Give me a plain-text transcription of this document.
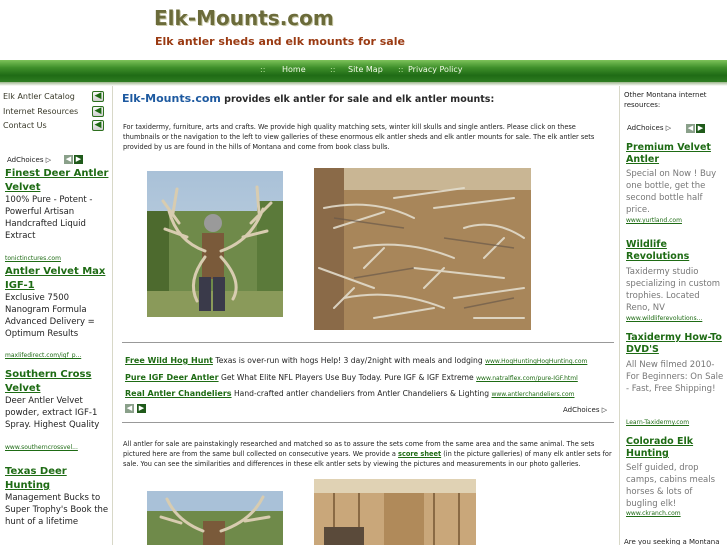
Elk-Mounts.com
Elk antler sheds and elk mounts for sale
:: Home	:: Site Map :: Privacy Policy
Elk Antler Catalog ◀
Internet Resources ◀
Contact Us	◀
AdChoices ▷ ◀ ▶
Finest Deer Antler Velvet
100% Pure - Potent - Powerful Artisan Handcrafted Liquid Extract
tonictinctures.com
Antler Velvet Max IGF-1
Exclusive 7500 Nanogram Formula Advanced Delivery = Optimum Results
maxlifedirect.com/igf_p...
Southern Cross Velvet
Deer Antler Velvet powder, extract IGF-1 Spray. Highest Quality
www.southerncrossvel...
Texas Deer Hunting
Management Bucks to Super Trophy's Book the hunt of a lifetime
Elk-Mounts.com provides elk antler for sale and elk antler mounts:
For taxidermy, furniture, arts and crafts. We provide high quality matching sets, winter kill skulls and single antlers. Please click on these thumbnails or the navigation to the left to view galleries of these enormous elk antler sheds and elk antler mounts for sale. The elk antler sets provided by us are found in the hills of Montana and come from book class bulls.
Free Wild Hog Hunt Texas is over-run with hogs Help! 3 day/2night with meals and lodging www.HogHuntingHogHunting.com
Pure IGF Deer Antler Get What Elite NFL Players Use Buy Today. Pure IGF & IGF Extreme www.natralflex.com/pure-IGF.html
Real Antler Chandeliers Hand-crafted antler chandeliers from Antler Chandeliers & Lighting www.antlerchandeliers.com
◀ ▶	AdChoices ▷
All antler for sale are painstakingly researched and matched so as to assure the sets come from the same area and the same animal. The sets pictured here are from the same bull collected on consecutive years. We provide a score sheet (in the picture galleries) of many elk antler sets for sale. You can see the similarities and differences in these elk antler sets by viewing the pictures and measurements in our photo galleries.
Other Montana internet resources:
AdChoices ▷ ◀ ▶
Premium Velvet Antler
Special on Now ! Buy one bottle, get the second bottle half price.
www.yurtland.com
Wildlife Revolutions
Taxidermy studio specializing in custom trophies. Located Reno, NV
www.wildliferevolutions...
Taxidermy How-To DVD'S
All New filmed 2010-For Beginners: On Sale - Fast, Free Shipping!
Learn-Taxidermy.com
Colorado Elk Hunting
Self guided, drop camps, cabins meals horses & lots of bugling elk!
www.ckranch.com
Are you seeking a Montana
